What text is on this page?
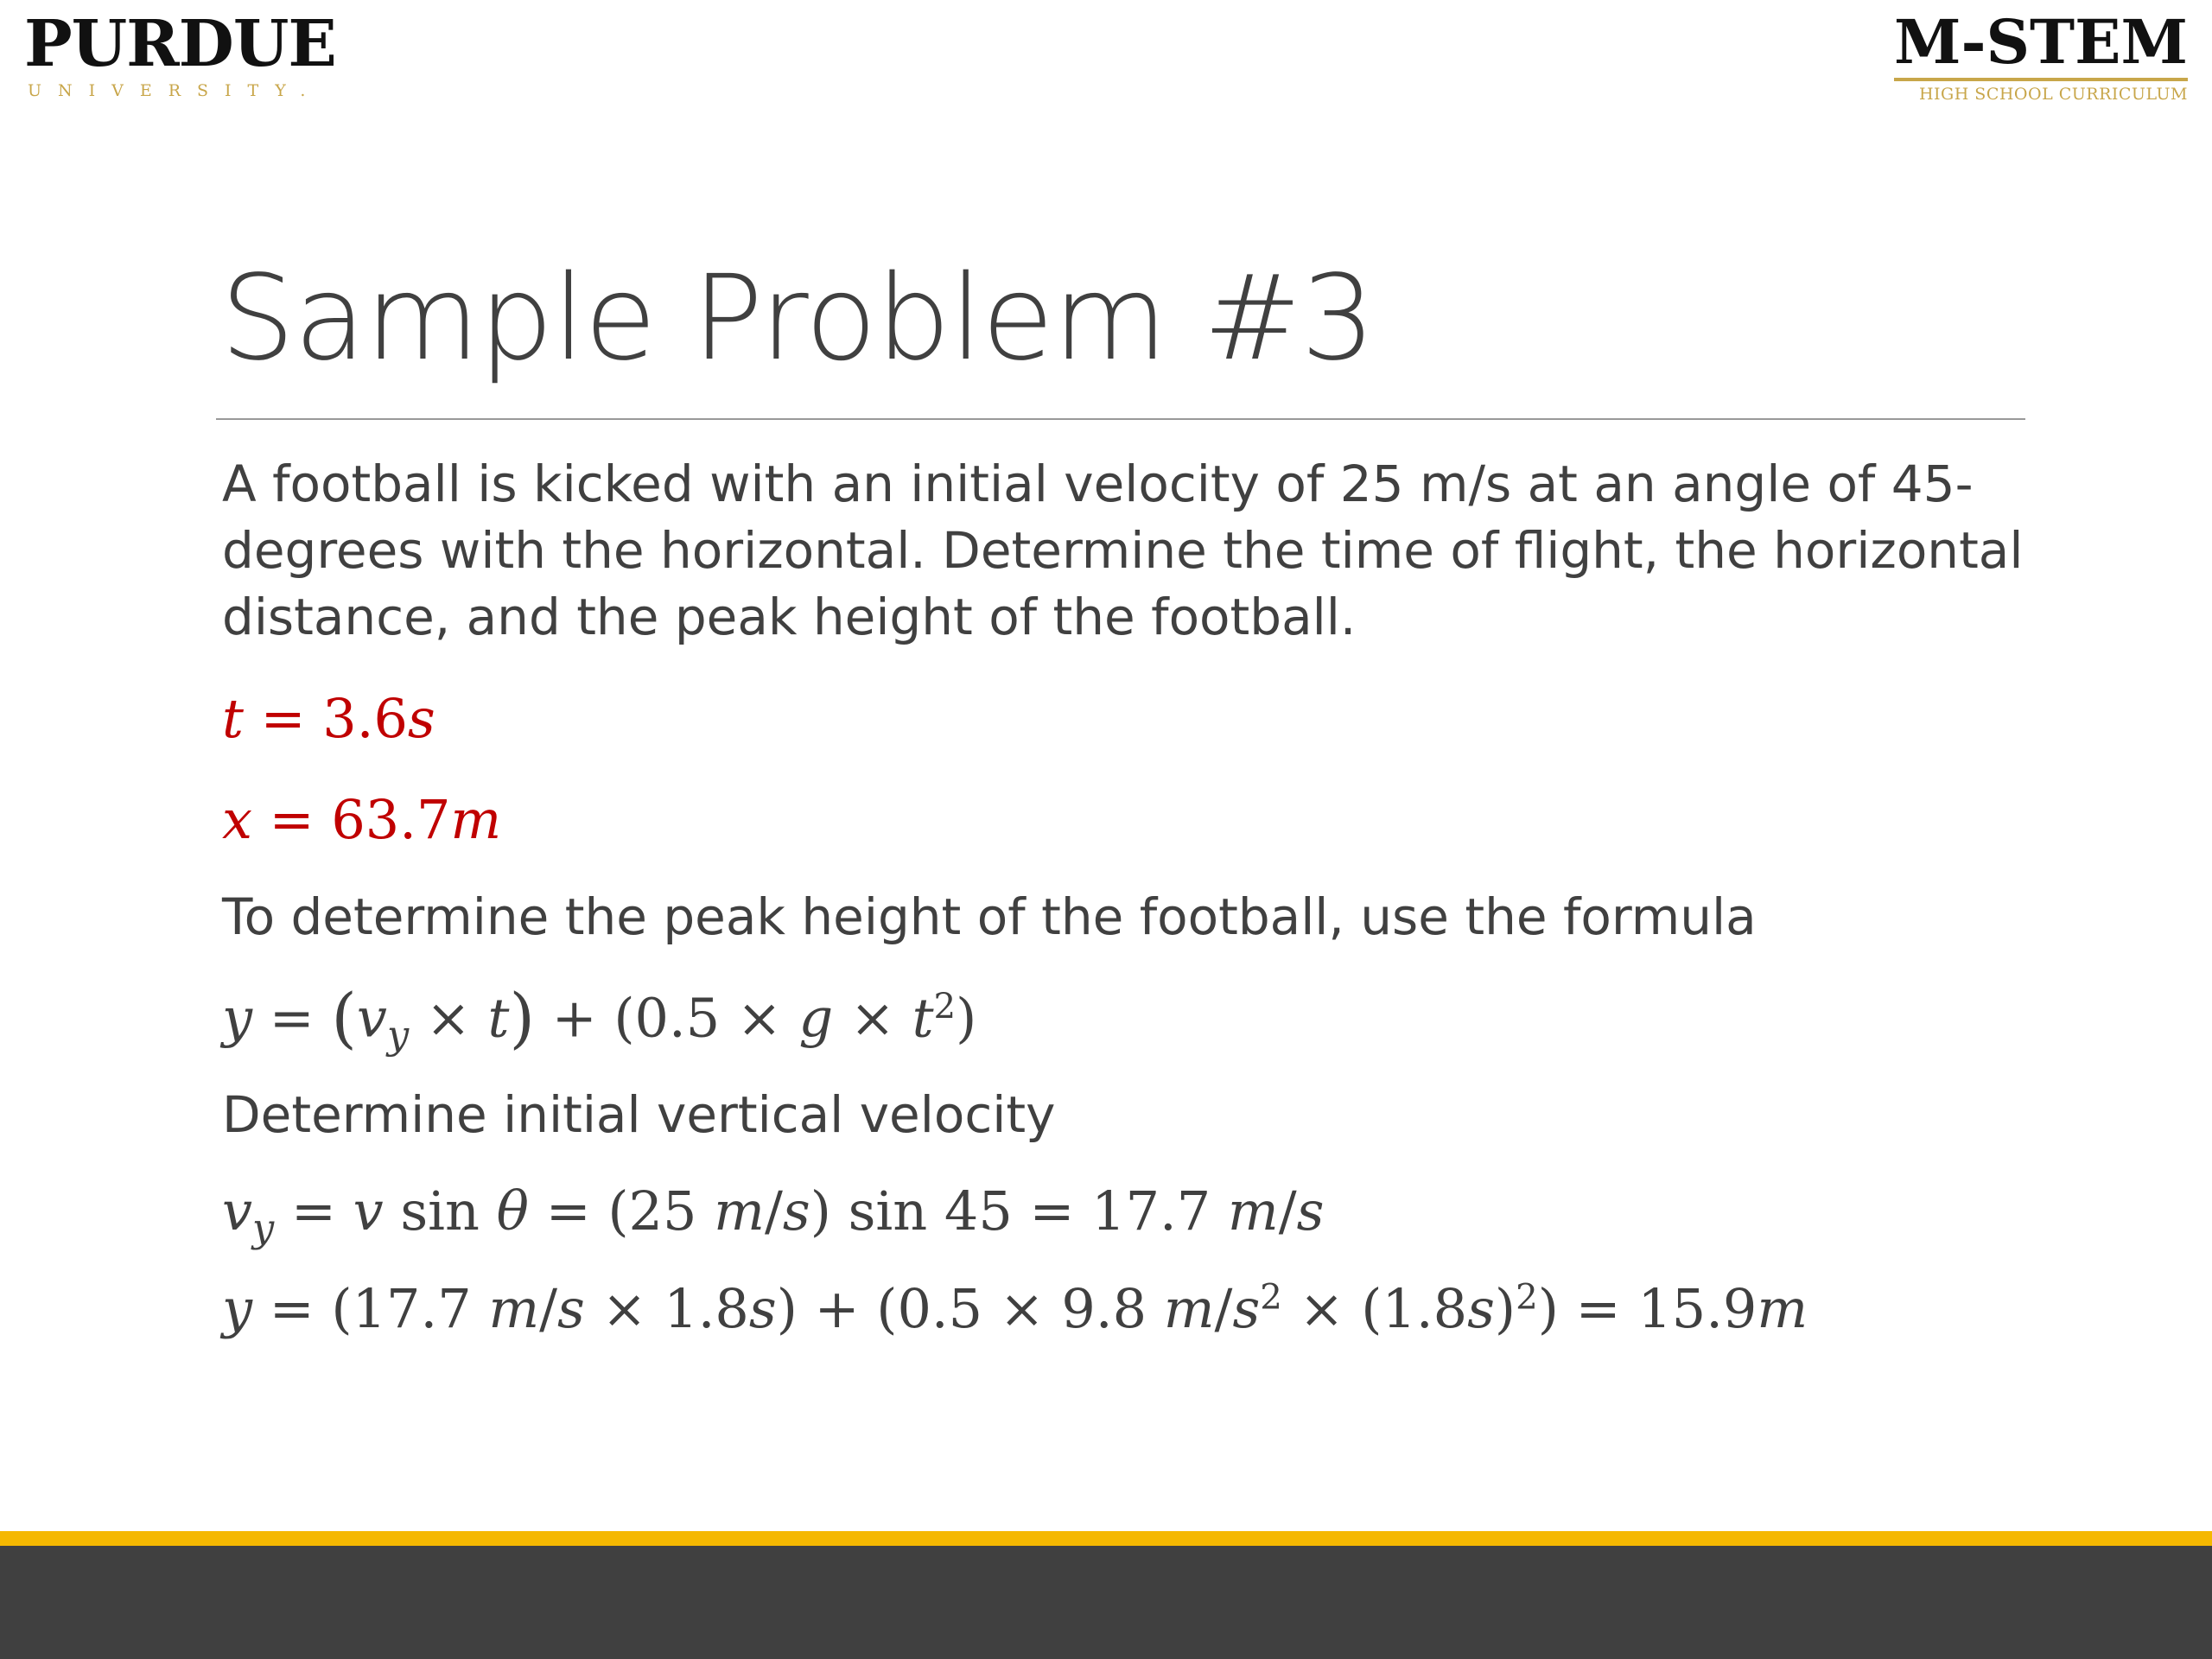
PURDUE
UNIVERSITY.
M-STEM
HIGH SCHOOL CURRICULUM
Sample Problem #3

A football is kicked with an initial velocity of 25 m/s at an angle of 45-degrees with the horizontal. Determine the time of flight, the horizontal distance, and the peak height of the football.

t = 3.6s

x = 63.7m

To determine the peak height of the football, use the formula

$y = (v_y \times t) + (0.5 \times g \times t^2)$

Determine initial vertical velocity

$v_y = v$ sin θ = (25 m/s) sin 45 = 17.7 m/s

y = (17.7 m/s × 1.8s) + (0.5 × 9.8 $m/s^2 \times (1.8s)^2) = 15.9m$
